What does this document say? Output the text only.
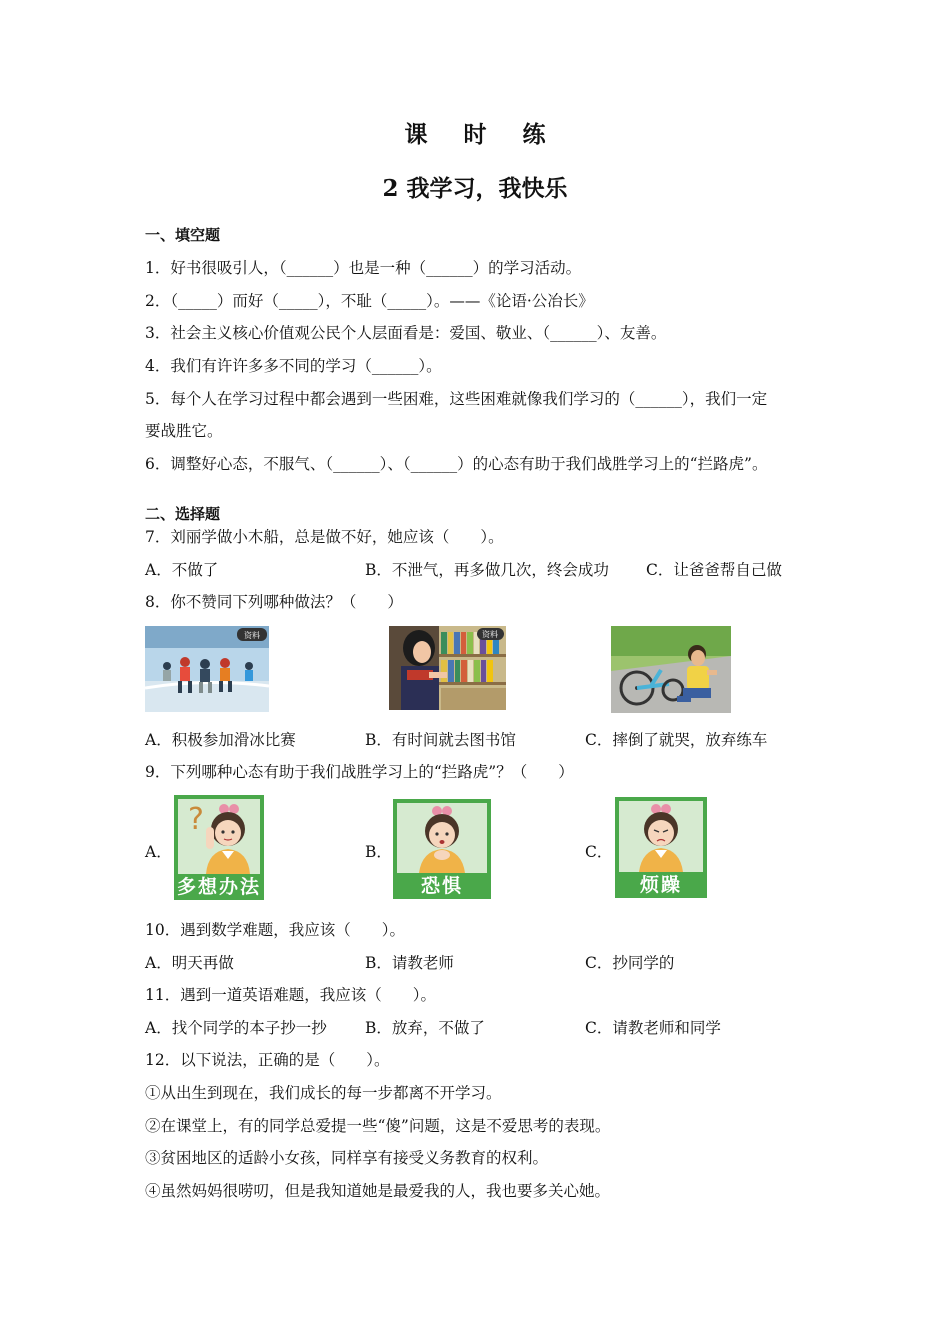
课 时 练
2 我学习，我快乐
一、填空题
1．好书很吸引人，（______）也是一种（______）的学习活动。
2．（_____）而好（_____），不耻（_____）。——《论语·公冶长》
3．社会主义核心价值观公民个人层面看是：爱国、敬业、（______）、友善。
4．我们有许许多多不同的学习（______）。
5．每个人在学习过程中都会遇到一些困难，这些困难就像我们学习的（______），我们一定
要战胜它。
6．调整好心态，不服气、（______）、（______）的心态有助于我们战胜学习上的“拦路虎”。
二、选择题
7．刘丽学做小木船，总是做不好，她应该（　　）。
A．不做了	B．不泄气，再多做几次，终会成功 C．让爸爸帮自己做
8．你不赞同下列哪种做法？（　　）
资料	资料
A．积极参加滑冰比赛	B．有时间就去图书馆	C．摔倒了就哭，放弃练车
9．下列哪种心态有助于我们战胜学习上的“拦路虎”？（　　）
A．
?
多想办法
B．
恐惧
C．
烦躁
10．遇到数学难题，我应该（　　）。
A．明天再做	B．请教老师	C．抄同学的
11．遇到一道英语难题，我应该（　　）。
A．找个同学的本子抄一抄 B．放弃，不做了	C．请教老师和同学
12．以下说法，正确的是（　　）。
①从出生到现在，我们成长的每一步都离不开学习。
②在课堂上，有的同学总爱提一些“傻”问题，这是不爱思考的表现。
③贫困地区的适龄小女孩，同样享有接受义务教育的权利。
④虽然妈妈很唠叨，但是我知道她是最爱我的人，我也要多关心她。
